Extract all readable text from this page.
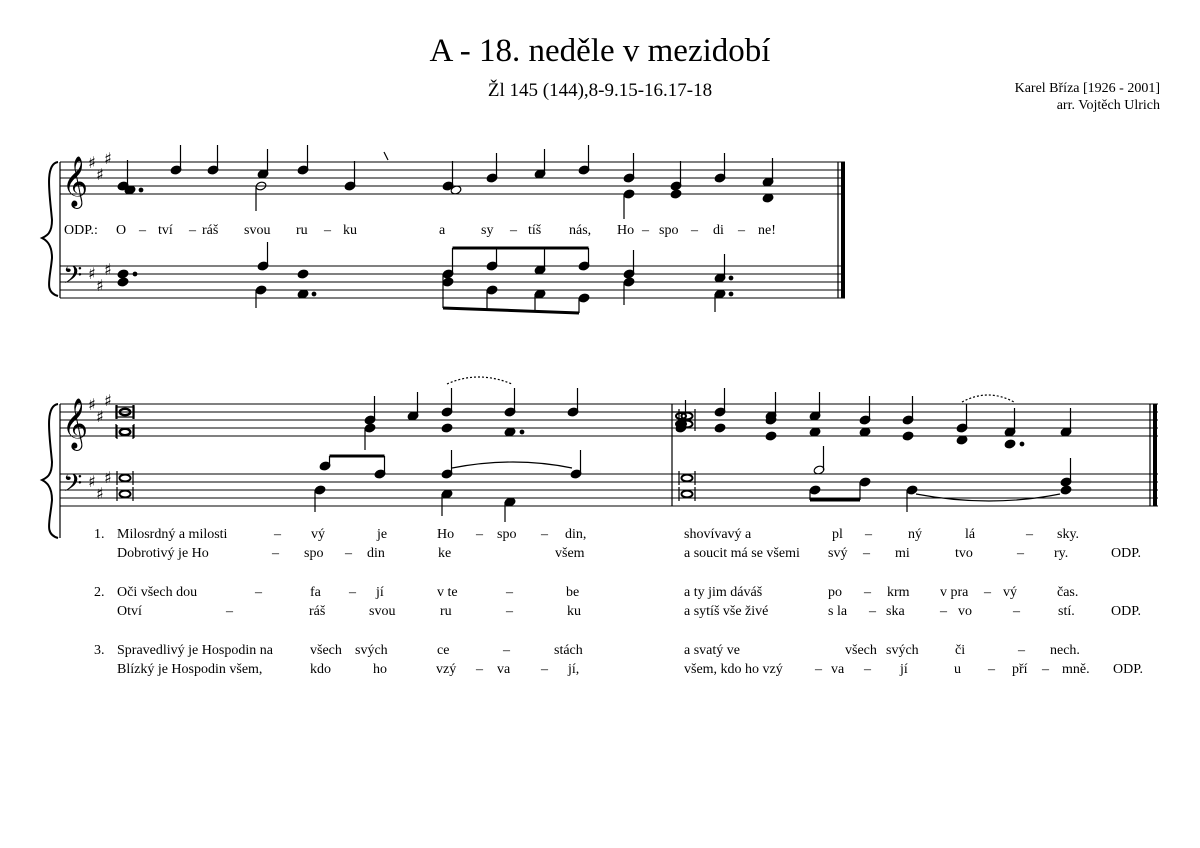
A - 18. neděle v mezidobí
Žl 145 (144),8-9.15-16.17-18	Karel Bříza [1926 - 2001]
arr. Vojtěch Ulrich
𝄞
𝄢
♯
♯
♯
♯
♯
♯
𝄞
𝄢
♯
♯
♯
♯
♯
♯
ODP.: O – tví – ráš svou ru – ku	a	sy – tíš nás, Ho – spo – di – ne!
1. Milosrdný a milosti	– vý	je	Ho – spo – din,	shovívavý a	pl –	ný	lá	– sky.
Dobrotivý je Ho	– spo – din	ke	všem	a soucit má se všemi svý – mi	tvo	– ry.	ODP.
2. Oči všech dou	–	fa – jí	v te	–	be	a ty jim dáváš	po – krm v pra – vý	čas.
Otví	–	ráš	svou	ru	–	ku	a sytíš vše živé	s la – ska	– vo	–	stí.	ODP.
3. Spravedlivý je Hospodin na	všech svých	ce	–	stách	a svatý ve	všech svých	či	– nech.
Blízký je Hospodin všem,	kdo	ho	vzý – va – jí,	všem, kdo ho vzý – va – jí	u – pří – mně. ODP.
